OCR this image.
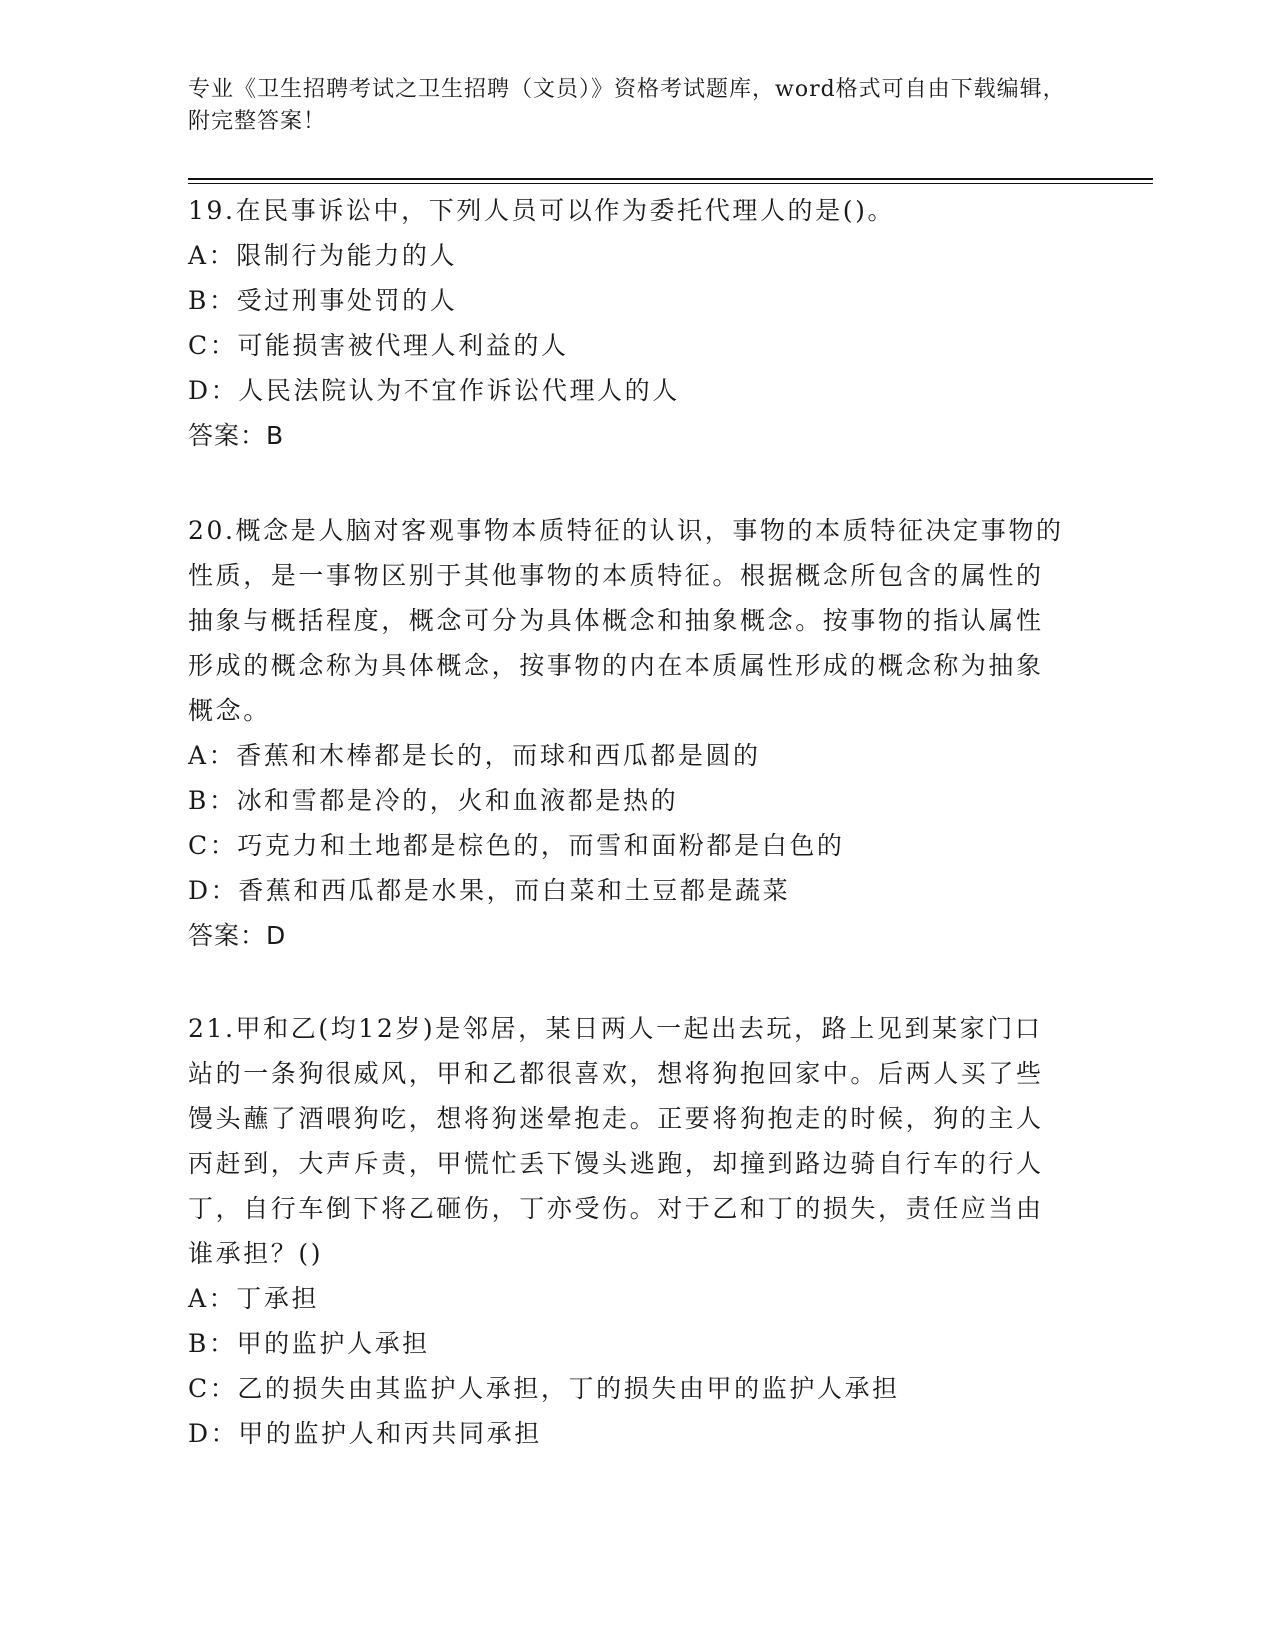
专业《卫生招聘考试之卫生招聘（文员）》资格考试题库，word格式可自由下载编辑，附完整答案！

19.在民事诉讼中，下列人员可以作为委托代理人的是()。

A：限制行为能力的人

B：受过刑事处罚的人

C：可能损害被代理人利益的人

D：人民法院认为不宜作诉讼代理人的人

答案：B

20.概念是人脑对客观事物本质特征的认识，事物的本质特征决定事物的性质，是一事物区别于其他事物的本质特征。根据概念所包含的属性的抽象与概括程度，概念可分为具体概念和抽象概念。按事物的指认属性形成的概念称为具体概念，按事物的内在本质属性形成的概念称为抽象概念。

A：香蕉和木棒都是长的，而球和西瓜都是圆的

B：冰和雪都是冷的，火和血液都是热的

C：巧克力和土地都是棕色的，而雪和面粉都是白色的

D：香蕉和西瓜都是水果，而白菜和土豆都是蔬菜

答案：D

21.甲和乙(均12岁)是邻居，某日两人一起出去玩，路上见到某家门口站的一条狗很威风，甲和乙都很喜欢，想将狗抱回家中。后两人买了些馒头蘸了酒喂狗吃，想将狗迷晕抱走。正要将狗抱走的时候，狗的主人丙赶到，大声斥责，甲慌忙丢下馒头逃跑，却撞到路边骑自行车的行人丁，自行车倒下将乙砸伤，丁亦受伤。对于乙和丁的损失，责任应当由谁承担？()

A：丁承担

B：甲的监护人承担

C：乙的损失由其监护人承担，丁的损失由甲的监护人承担

D：甲的监护人和丙共同承担
